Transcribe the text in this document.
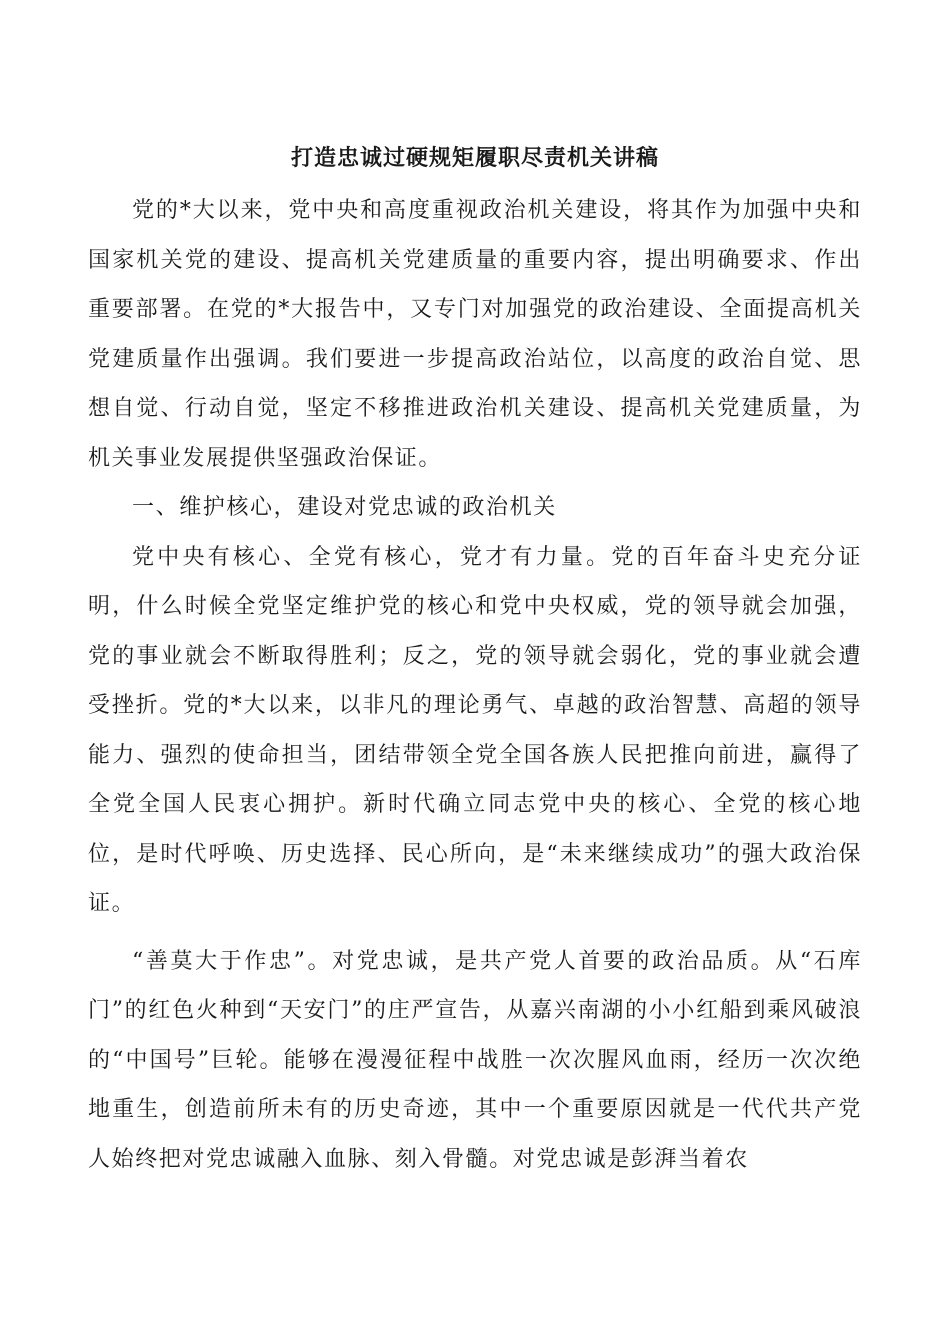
打造忠诚过硬规矩履职尽责机关讲稿

党的*大以来，党中央和高度重视政治机关建设，将其作为加强中央和国家机关党的建设、提高机关党建质量的重要内容，提出明确要求、作出重要部署。在党的*大报告中，又专门对加强党的政治建设、全面提高机关党建质量作出强调。我们要进一步提高政治站位，以高度的政治自觉、思想自觉、行动自觉，坚定不移推进政治机关建设、提高机关党建质量，为机关事业发展提供坚强政治保证。

一、维护核心，建设对党忠诚的政治机关

党中央有核心、全党有核心，党才有力量。党的百年奋斗史充分证明，什么时候全党坚定维护党的核心和党中央权威，党的领导就会加强，党的事业就会不断取得胜利；反之，党的领导就会弱化，党的事业就会遭受挫折。党的*大以来，以非凡的理论勇气、卓越的政治智慧、高超的领导能力、强烈的使命担当，团结带领全党全国各族人民把推向前进，赢得了全党全国人民衷心拥护。新时代确立同志党中央的核心、全党的核心地位，是时代呼唤、历史选择、民心所向，是“未来继续成功”的强大政治保证。

“善莫大于作忠”。对党忠诚，是共产党人首要的政治品质。从“石库门”的红色火种到“天安门”的庄严宣告，从嘉兴南湖的小小红船到乘风破浪的“中国号”巨轮。能够在漫漫征程中战胜一次次腥风血雨，经历一次次绝地重生，创造前所未有的历史奇迹，其中一个重要原因就是一代代共产党人始终把对党忠诚融入血脉、刻入骨髓。对党忠诚是彭湃当着农
